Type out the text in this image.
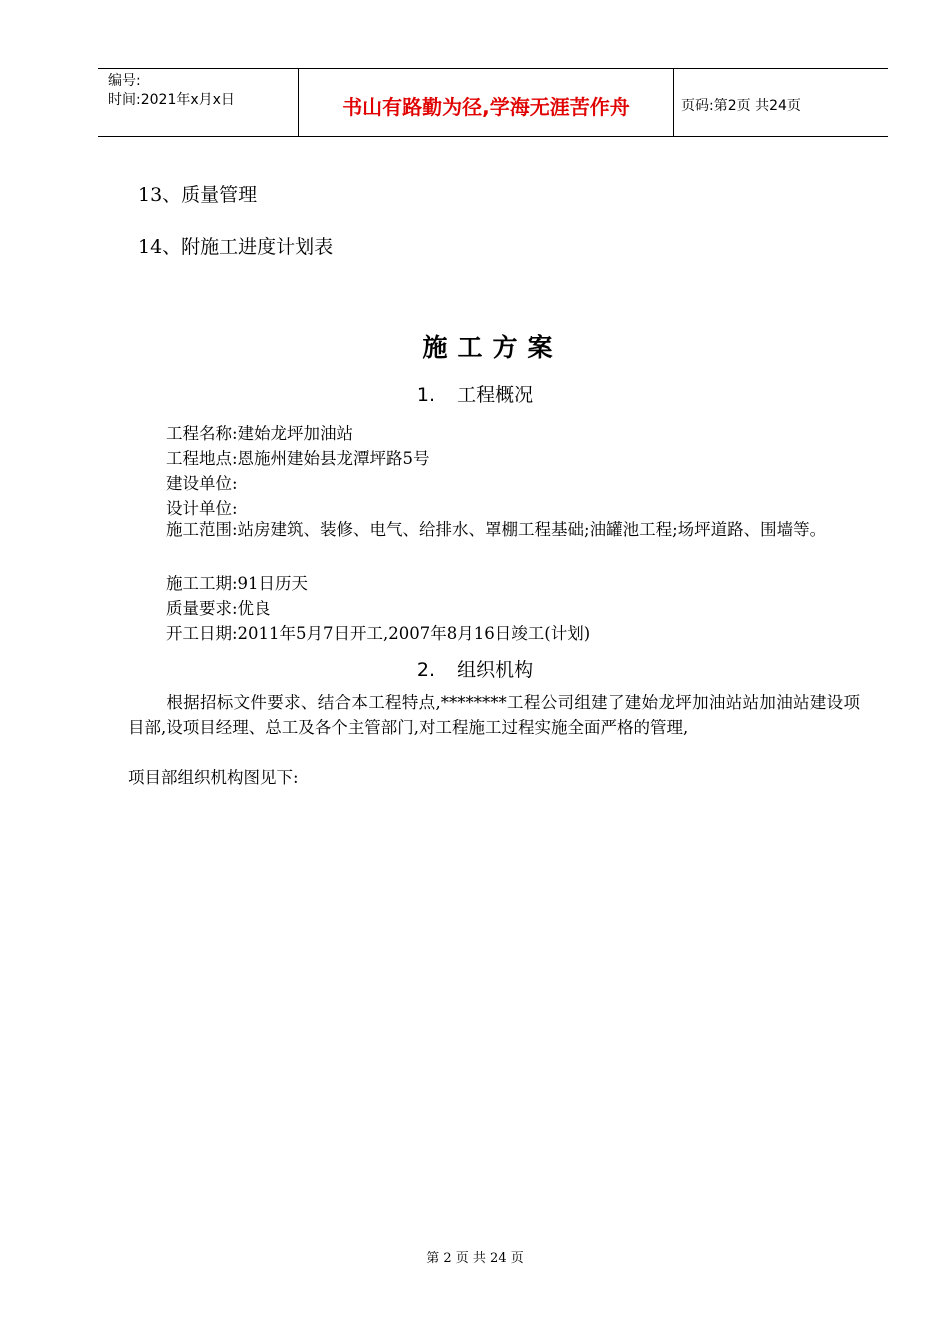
编号:
时间:2021年x月x日	书山有路勤为径,学海无涯苦作舟	页码:第2页 共24页
13、质量管理
14、附施工进度计划表
施工方案
1. 工程概况
工程名称:建始龙坪加油站
工程地点:恩施州建始县龙潭坪路5号
建设单位:
设计单位:
施工范围:站房建筑、装修、电气、给排水、罩棚工程基础;油罐池工程;场坪道路、围墙等。
施工工期:91日历天
质量要求:优良
开工日期:2011年5月7日开工,2007年8月16日竣工(计划)
2. 组织机构
根据招标文件要求、结合本工程特点,********工程公司组建了建始龙坪加油站站加油站建设项目部,设项目经理、总工及各个主管部门,对工程施工过程实施全面严格的管理,
项目部组织机构图见下:
第 2 页 共 24 页
